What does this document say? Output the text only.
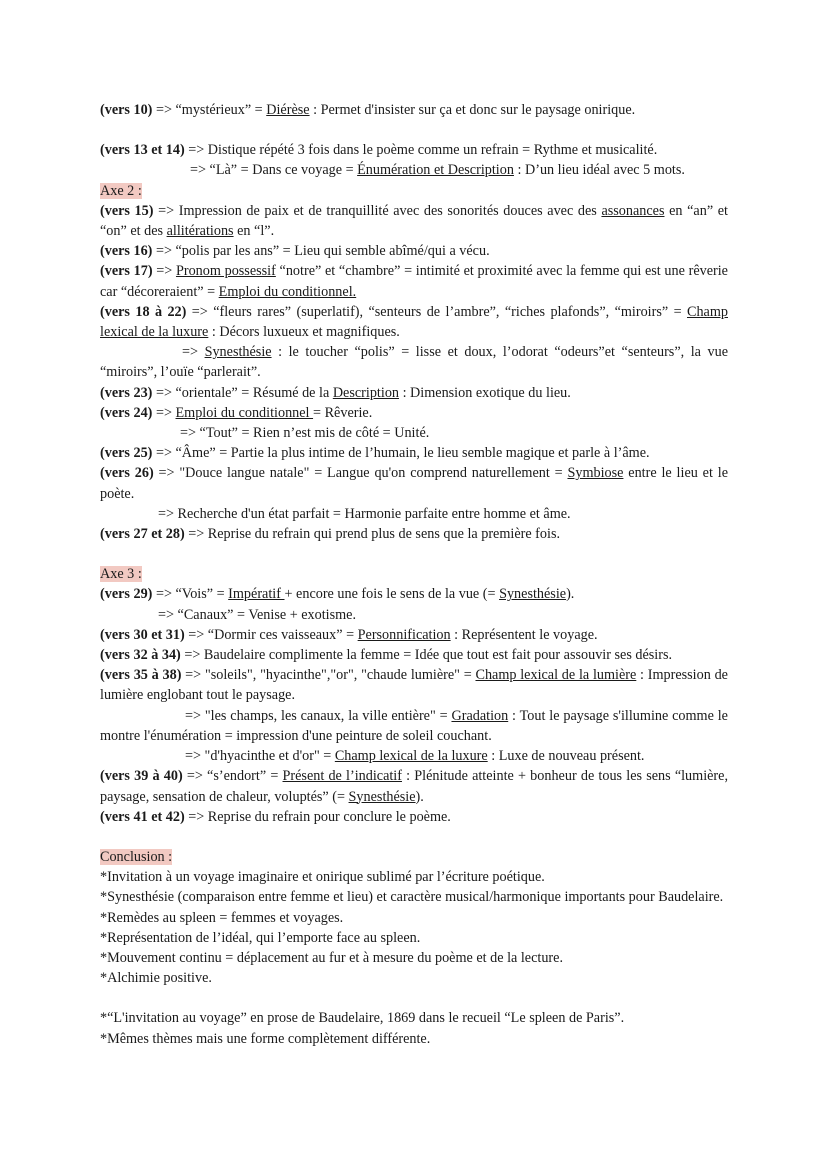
(vers 10) => “mystérieux” = Diérèse : Permet d'insister sur ça et donc sur le paysage onirique.
(vers 13 et 14) => Distique répété 3 fois dans le poème comme un refrain = Rythme et musicalité.
=> “Là” = Dans ce voyage = Énumération et Description : D’un lieu idéal avec 5 mots.
Axe 2 :

(vers 15) => Impression de paix et de tranquillité avec des sonorités douces avec des assonances en “an” et “on” et des allitérations en “l”.

(vers 16) => “polis par les ans” = Lieu qui semble abîmé/qui a vécu.

(vers 17) => Pronom possessif “notre” et “chambre” = intimité et proximité avec la femme qui est une rêverie car “décoreraient” = Emploi du conditionnel.

(vers 18 à 22) => “fleurs rares” (superlatif), “senteurs de l’ambre”, “riches plafonds”, “miroirs” = Champ lexical de la luxure : Décors luxueux et magnifiques.

=> Synesthésie : le toucher “polis” = lisse et doux, l’odorat “odeurs”et “senteurs”, la vue “miroirs”, l’ouïe “parlerait”.

(vers 23) => “orientale” = Résumé de la Description : Dimension exotique du lieu.
(vers 24) => Emploi du conditionnel = Rêverie.
=> “Tout” = Rien n’est mis de côté = Unité.
(vers 25) => “Âme” = Partie la plus intime de l’humain, le lieu semble magique et parle à l’âme.

(vers 26) => "Douce langue natale" = Langue qu'on comprend naturellement = Symbiose entre le lieu et le poète.

=> Recherche d'un état parfait = Harmonie parfaite entre homme et âme.
(vers 27 et 28) => Reprise du refrain qui prend plus de sens que la première fois.
Axe 3 :
(vers 29) => “Vois” = Impératif + encore une fois le sens de la vue (= Synesthésie).
=> “Canaux” = Venise + exotisme.
(vers 30 et 31) => “Dormir ces vaisseaux” = Personnification : Représentent le voyage.
(vers 32 à 34) => Baudelaire complimente la femme = Idée que tout est fait pour assouvir ses désirs.

(vers 35 à 38) => "soleils", "hyacinthe","or", "chaude lumière" = Champ lexical de la lumière : Impression de lumière englobant tout le paysage.

=> "les champs, les canaux, la ville entière" = Gradation : Tout le paysage s'illumine comme le montre l'énumération = impression d'une peinture de soleil couchant.

=> "d'hyacinthe et d'or" = Champ lexical de la luxure : Luxe de nouveau présent.

(vers 39 à 40) => “s’endort” = Présent de l’indicatif : Plénitude atteinte + bonheur de tous les sens “lumière, paysage, sensation de chaleur, voluptés” (= Synesthésie).

(vers 41 et 42) => Reprise du refrain pour conclure le poème.
Conclusion :
*Invitation à un voyage imaginaire et onirique sublimé par l’écriture poétique.

*Synesthésie (comparaison entre femme et lieu) et caractère musical/harmonique importants pour Baudelaire.

*Remèdes au spleen = femmes et voyages.
*Représentation de l’idéal, qui l’emporte face au spleen.
*Mouvement continu = déplacement au fur et à mesure du poème et de la lecture.
*Alchimie positive.
*“L'invitation au voyage” en prose de Baudelaire, 1869 dans le recueil “Le spleen de Paris”.
*Mêmes thèmes mais une forme complètement différente.
